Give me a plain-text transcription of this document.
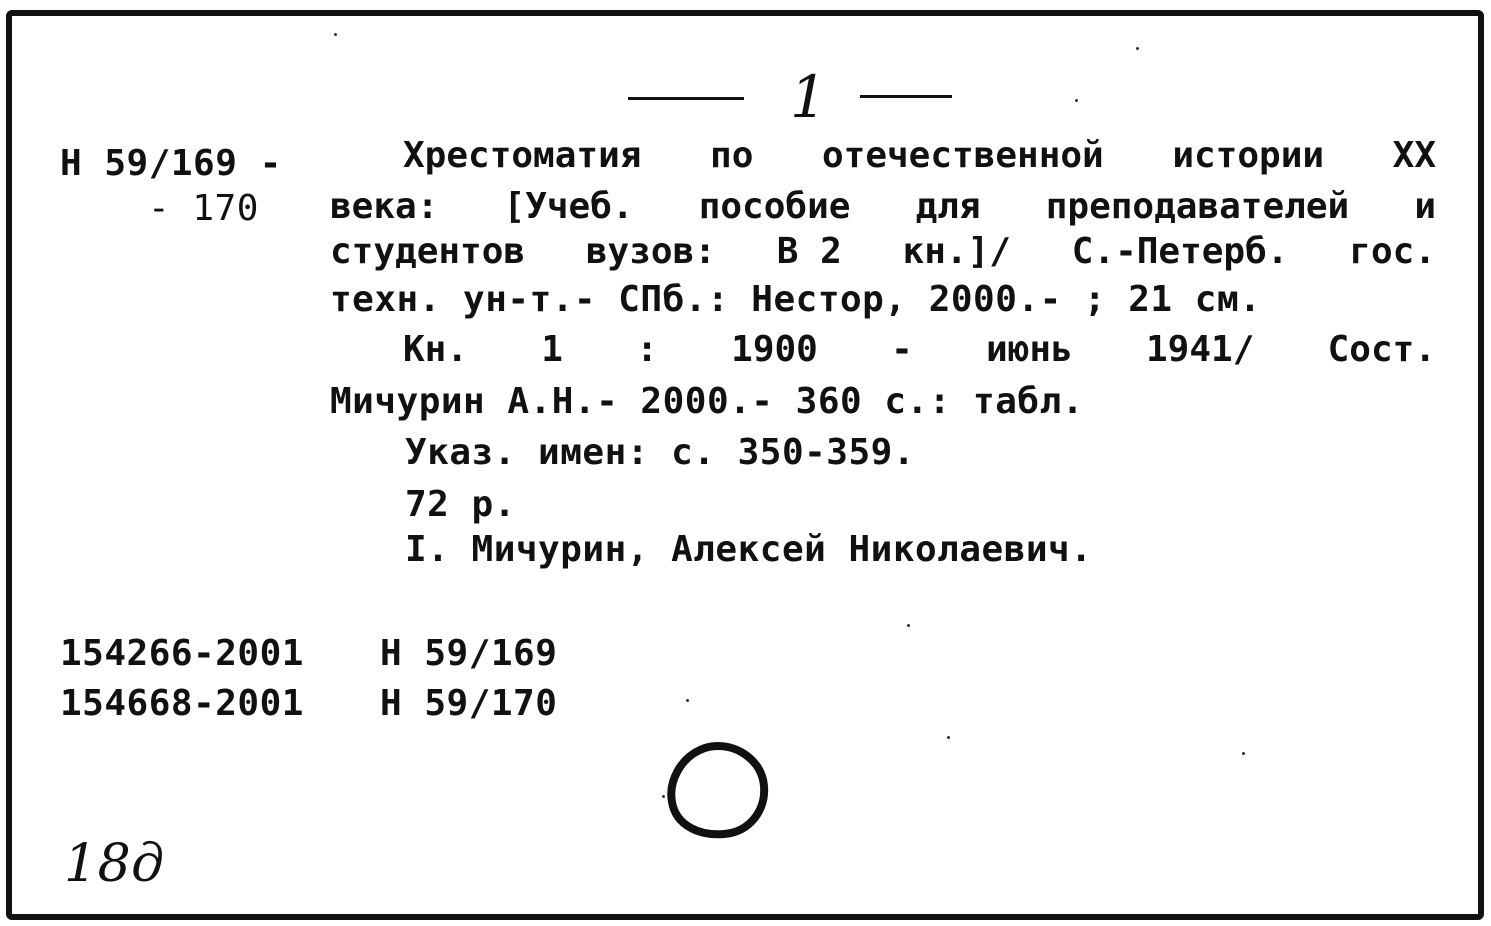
1
Н 59/169 -
- 170
Хрестоматия по отечественной истории XX
века: [Учеб. пособие для преподавателей и
студентов вузов: В 2 кн.]/ С.-Петерб. гос.
техн. ун-т.- СПб.: Нестор, 2000.- ; 21 см.
Кн. 1 : 1900 - июнь 1941/ Сост.
Мичурин А.Н.- 2000.- 360 с.: табл.
Указ. имен: с. 350-359.
72 р.
I. Мичурин, Алексей Николаевич.
154266-2001 Н 59/169
154668-2001 Н 59/170
18д
